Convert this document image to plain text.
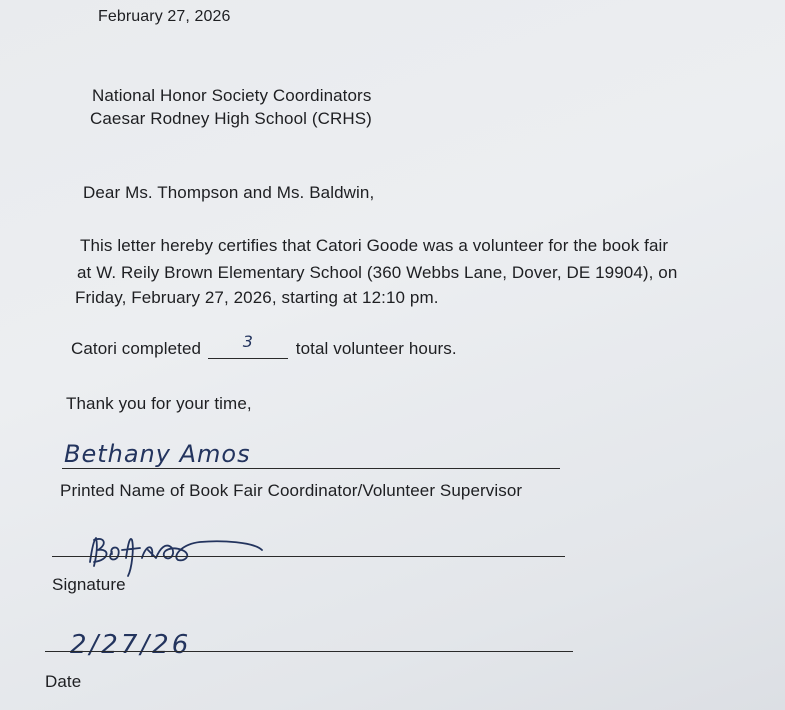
February 27, 2026
National Honor Society Coordinators
Caesar Rodney High School (CRHS)
Dear Ms. Thompson and Ms. Baldwin,
This letter hereby certifies that Catori Goode was a volunteer for the book fair
at W. Reily Brown Elementary School (360 Webbs Lane, Dover, DE 19904), on
Friday, February 27, 2026, starting at 12:10 pm.
Catori completed	3	total volunteer hours.
Thank you for your time,
Bethany Amos
Printed Name of Book Fair Coordinator/Volunteer Supervisor
Signature
2/27/26
Date
